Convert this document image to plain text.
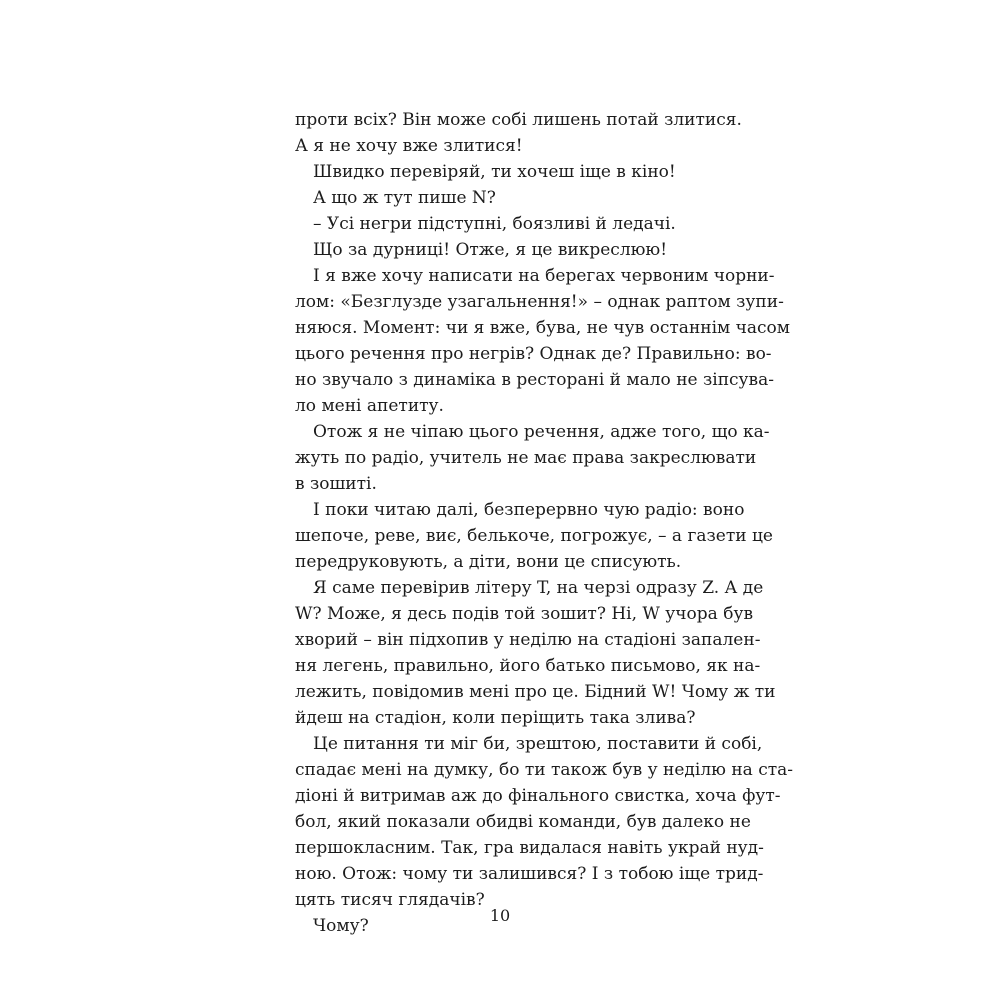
проти всіх? Він може собі лишень потай злитися.
А я не хочу вже злитися!
Швидко перевіряй, ти хочеш іще в кіно!
А що ж тут пише N?
– Усі негри підступні, боязливі й ледачі.
Що за дурниці! Отже, я це викреслюю!
І я вже хочу написати на берегах червоним чорни-
лом: «Безглузде узагальнення!» – однак раптом зупи-
няюся. Момент: чи я вже, бува, не чув останнім часом
цього речення про негрів? Однак де? Правильно: во-
но звучало з динаміка в ресторані й мало не зіпсува-
ло мені апетиту.
Отож я не чіпаю цього речення, адже того, що ка-
жуть по радіо, учитель не має права закреслювати
в зошиті.
І поки читаю далі, безперервно чую радіо: воно
шепоче, реве, виє, белькоче, погрожує, – а газети це
передруковують, а діти, вони це списують.
Я саме перевірив літеру T, на черзі одразу Z. А де
W? Може, я десь подів той зошит? Ні, W учора був
хворий – він підхопив у неділю на стадіоні запален-
ня легень, правильно, його батько письмово, як на-
лежить, повідомив мені про це. Бідний W! Чому ж ти
йдеш на стадіон, коли періщить така злива?
Це питання ти міг би, зрештою, поставити й собі,
спадає мені на думку, бо ти також був у неділю на ста-
діоні й витримав аж до фінального свистка, хоча фут-
бол, який показали обидві команди, був далеко не
першокласним. Так, гра видалася навіть украй нуд-
ною. Отож: чому ти залишився? І з тобою іще трид-
цять тисяч глядачів?
Чому?
10
